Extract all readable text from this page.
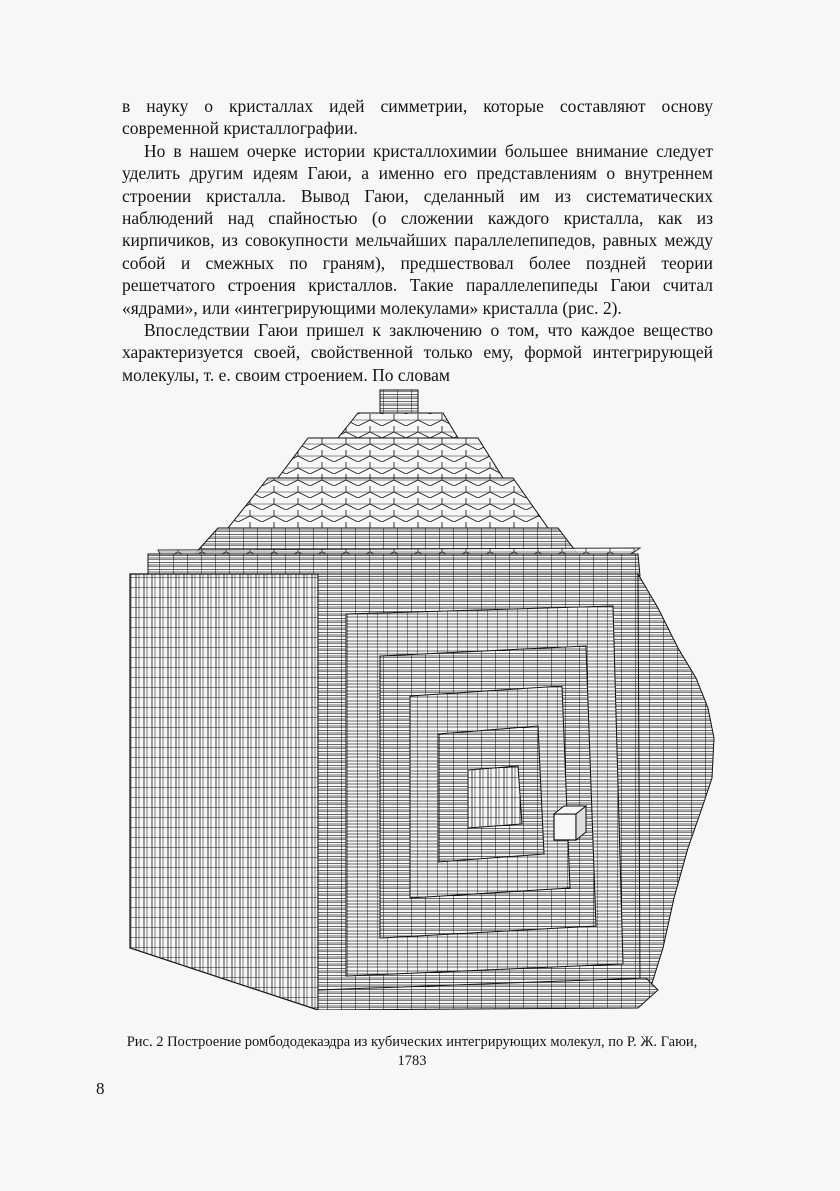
в науку о кристаллах идей симметрии, которые составляют основу современной кристаллографии.

Но в нашем очерке истории кристаллохимии большее внимание следует уделить другим идеям Гаюи, а именно его представлениям о внутреннем строении кристалла. Вывод Гаюи, сделанный им из систематических наблюдений над спайностью (о сложении каждого кристалла, как из кирпичиков, из совокупности мельчайших параллелепипедов, равных между собой и смежных по граням), предшествовал более поздней теории решетчатого строения кристаллов. Такие параллелепипеды Гаюи считал «ядрами», или «интегрирующими молекулами» кристалла (рис. 2).

Впоследствии Гаюи пришел к заключению о том, что каждое вещество характеризуется своей, свойственной только ему, формой интегрирующей молекулы, т. е. своим строением. По словам

Рис. 2 Построение ромбододекаэдра из кубических интегрирующих молекул, по Р. Ж. Гаюи, 1783
8
